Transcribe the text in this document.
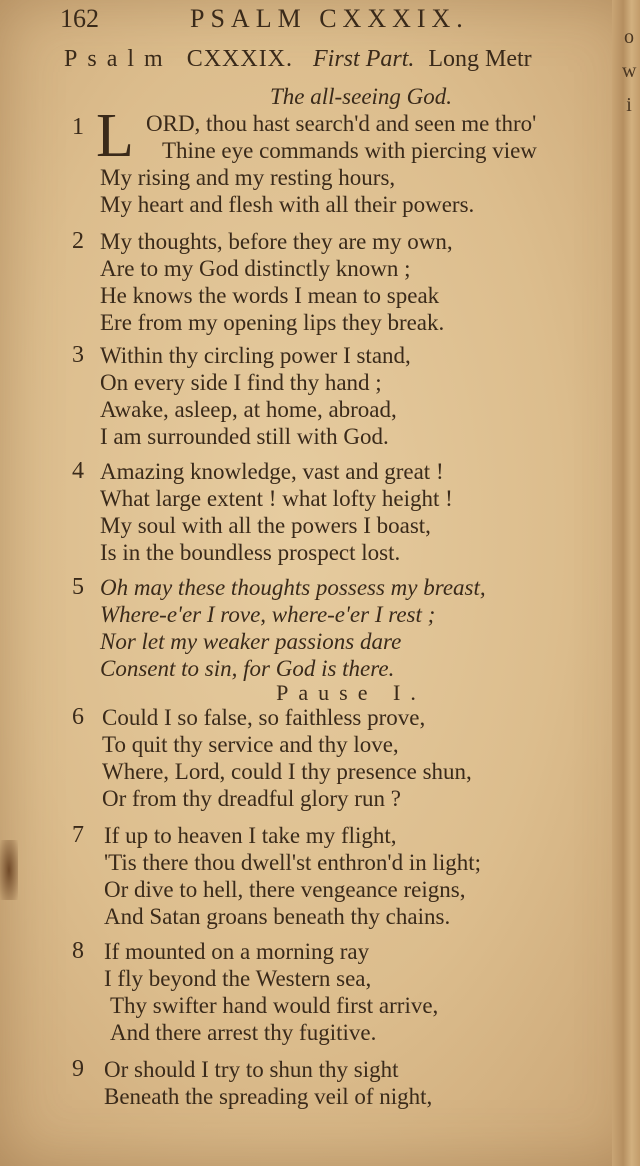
o w i
162	PSALM CXXXIX.
Psalm CXXXIX. First Part. Long Metr
The all-seeing God.
L
Pause I.
1	ORD, thou hast search'd and seen me thro'
Thine eye commands with piercing view
My rising and my resting hours,
My heart and flesh with all their powers.
2 My thoughts, before they are my own,
Are to my God distinctly known ;
He knows the words I mean to speak
Ere from my opening lips they break.
3 Within thy circling power I stand,
On every side I find thy hand ;
Awake, asleep, at home, abroad,
I am surrounded still with God.
4 Amazing knowledge, vast and great !
What large extent ! what lofty height !
My soul with all the powers I boast,
Is in the boundless prospect lost.
5 Oh may these thoughts possess my breast,
Where-e'er I rove, where-e'er I rest ;
Nor let my weaker passions dare
Consent to sin, for God is there.
6 Could I so false, so faithless prove,
To quit thy service and thy love,
Where, Lord, could I thy presence shun,
Or from thy dreadful glory run ?
7 If up to heaven I take my flight,
'Tis there thou dwell'st enthron'd in light;
Or dive to hell, there vengeance reigns,
And Satan groans beneath thy chains.
8 If mounted on a morning ray
I fly beyond the Western sea,
Thy swifter hand would first arrive,
And there arrest thy fugitive.
9 Or should I try to shun thy sight
Beneath the spreading veil of night,
